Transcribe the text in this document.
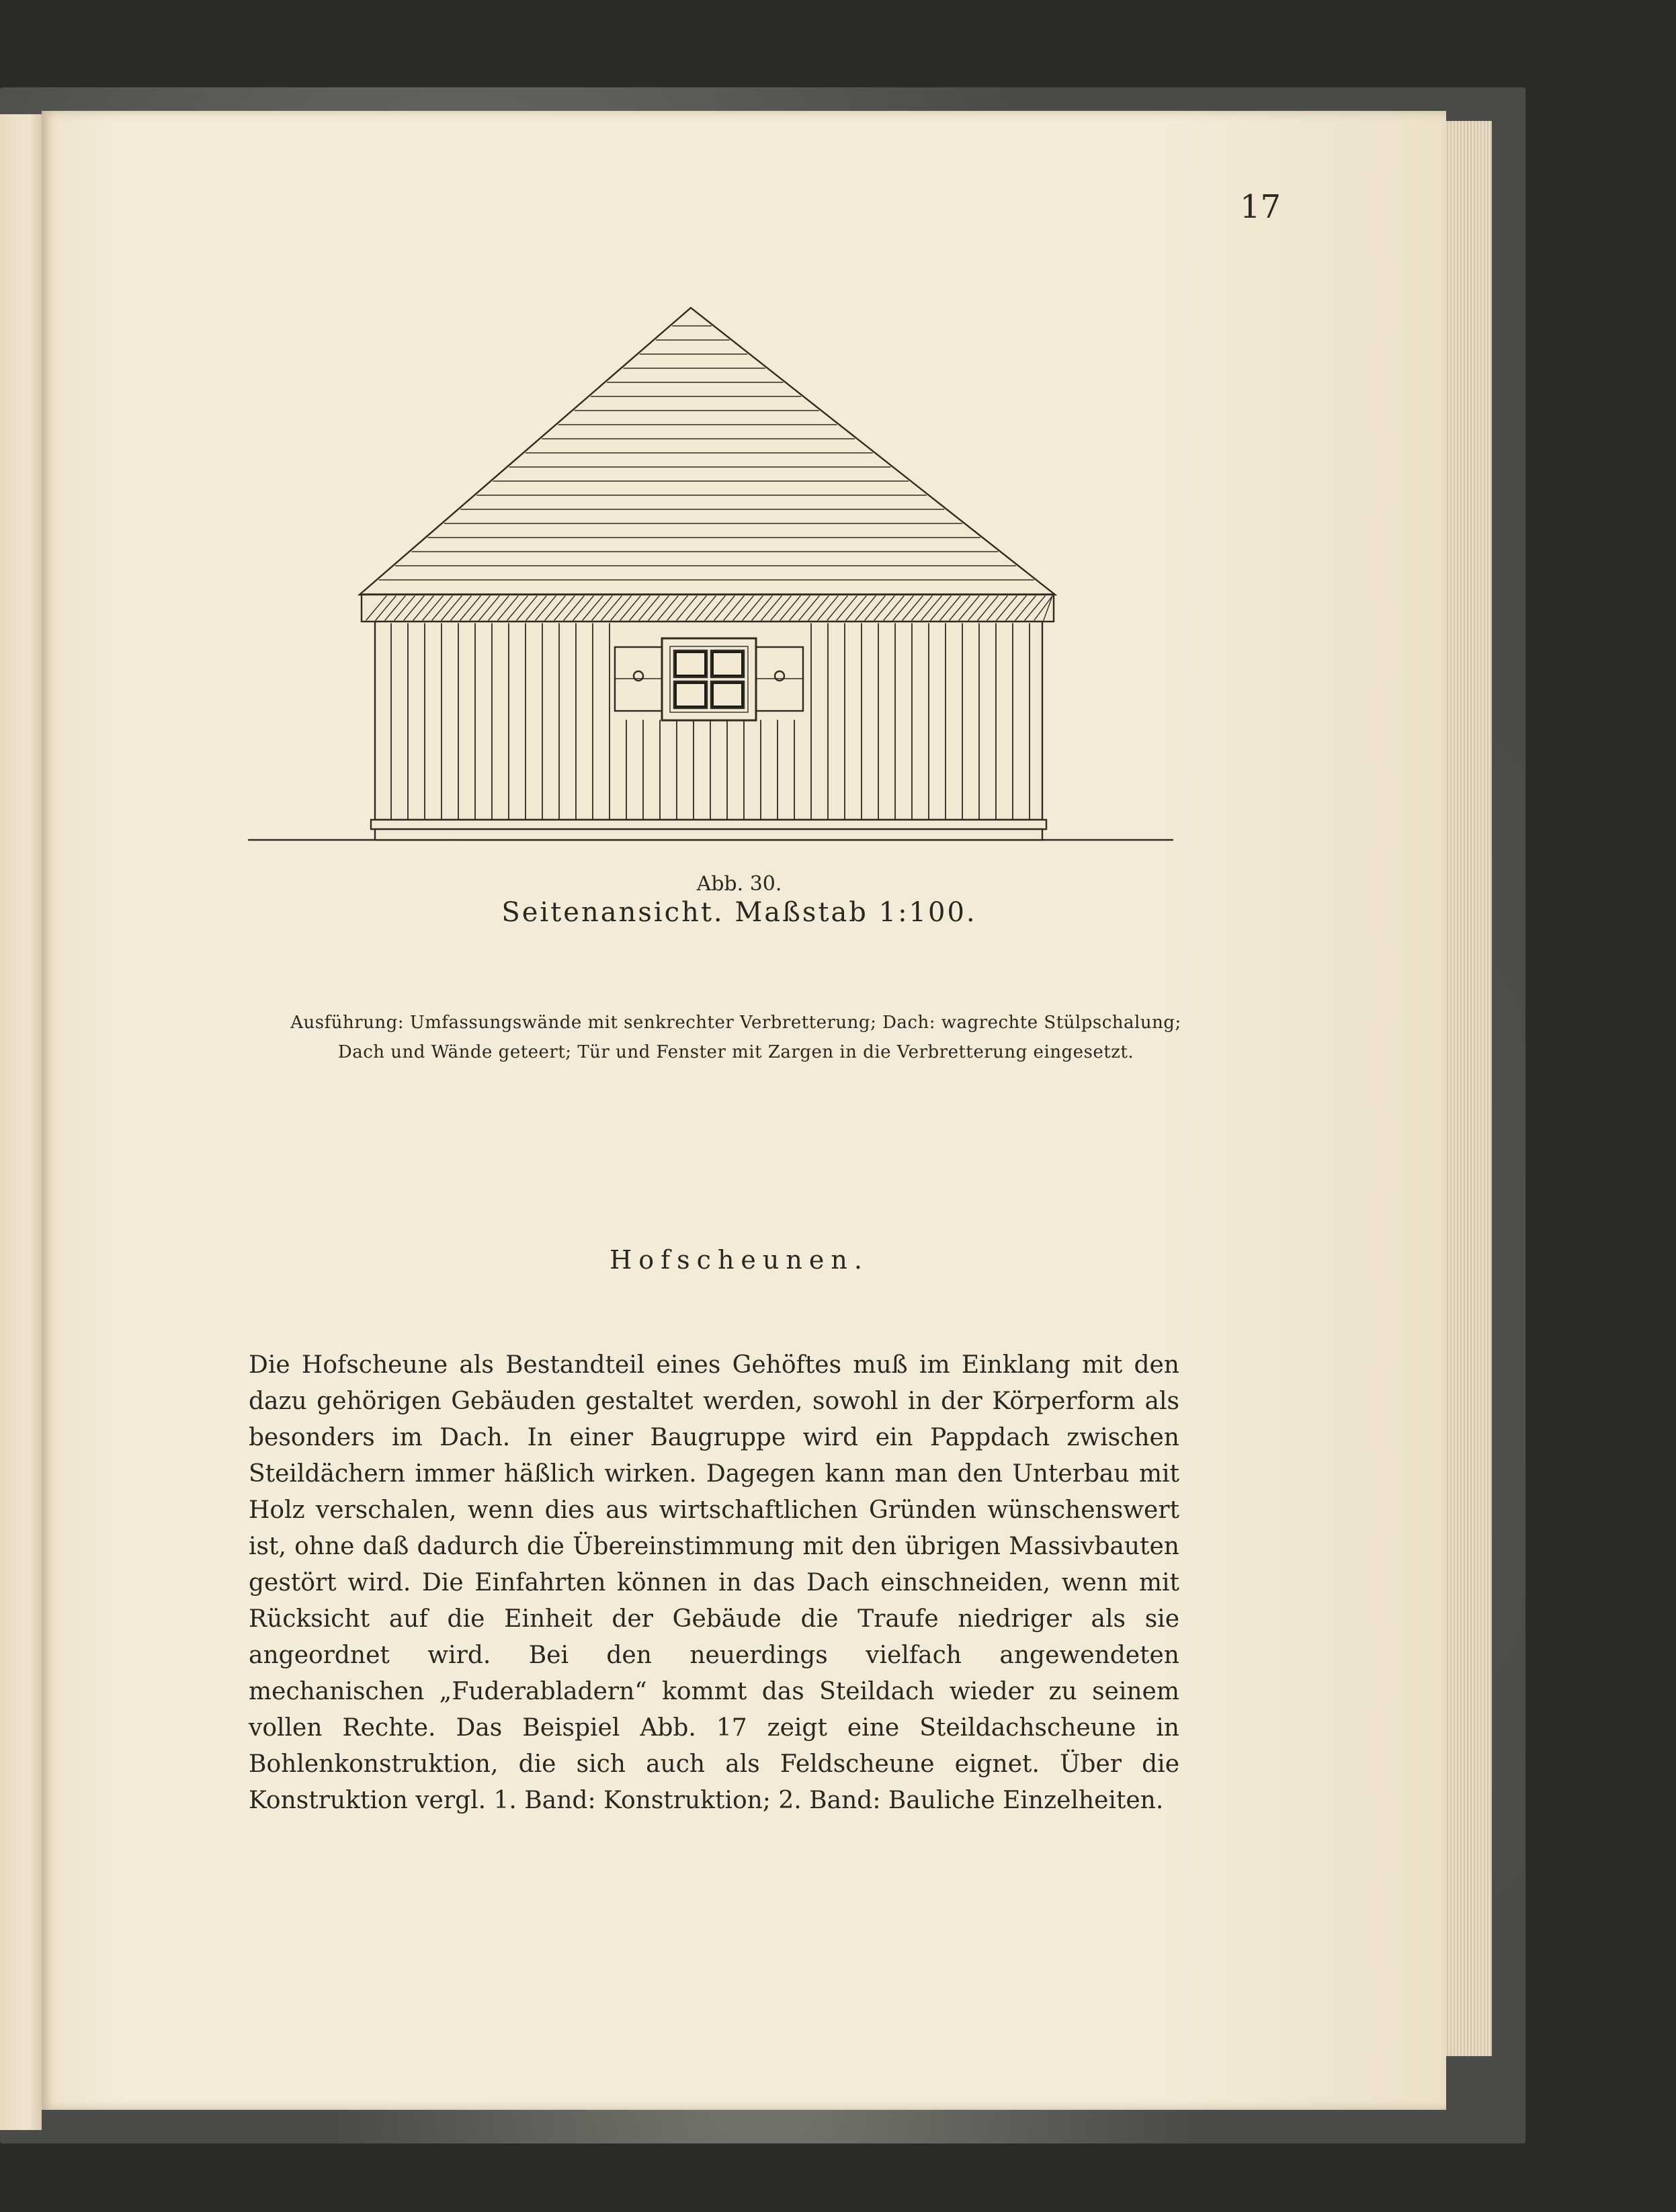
17
Abb. 30.
Seitenansicht. Maßstab 1:100.
Ausführung: Umfassungswände mit senkrechter Verbretterung; Dach: wagrechte Stülpschalung; Dach und Wände geteert; Tür und Fenster mit Zargen in die Verbretterung eingesetzt.
Hofscheunen.
Die Hofscheune als Bestandteil eines Gehöftes muß im Einklang mit den dazu gehörigen Gebäuden gestaltet werden, sowohl in der Körperform als besonders im Dach. In einer Baugruppe wird ein Pappdach zwischen Steildächern immer häßlich wirken. Dagegen kann man den Unterbau mit Holz verschalen, wenn dies aus wirtschaftlichen Gründen wünschenswert ist, ohne daß dadurch die Übereinstimmung mit den übrigen Massivbauten gestört wird. Die Einfahrten können in das Dach einschneiden, wenn mit Rücksicht auf die Einheit der Gebäude die Traufe niedriger als sie angeordnet wird. Bei den neuerdings vielfach angewendeten mechanischen „Fuderabladern“ kommt das Steildach wieder zu seinem vollen Rechte. Das Beispiel Abb. 17 zeigt eine Steildachscheune in Bohlenkonstruktion, die sich auch als Feldscheune eignet. Über die Konstruktion vergl. 1. Band: Konstruktion; 2. Band: Bauliche Einzelheiten.
